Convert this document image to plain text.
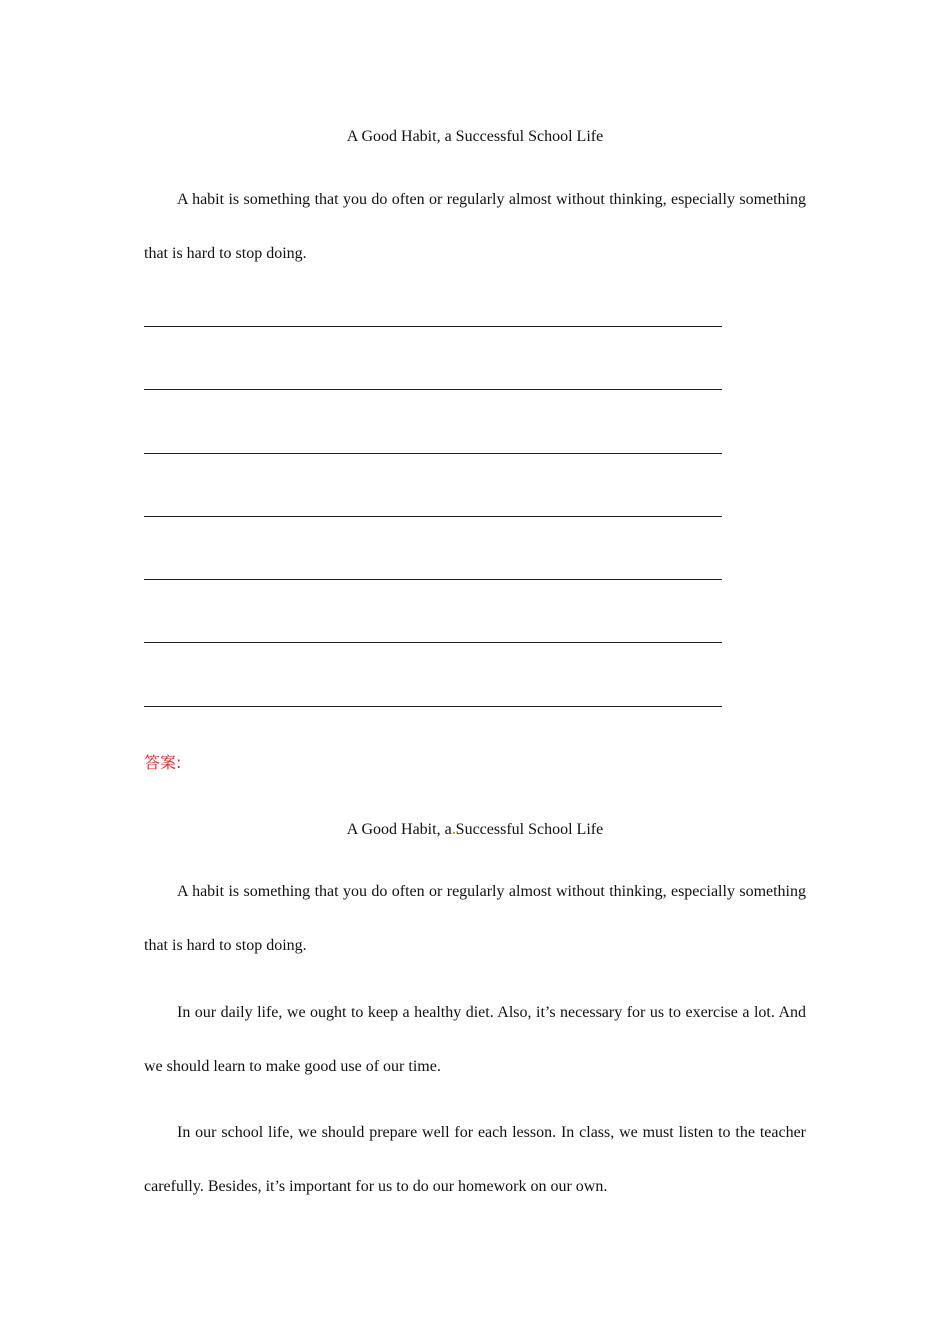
A Good Habit, a Successful School Life
A habit is something that you do often or regularly almost without thinking, especially something that is hard to stop doing.
答案:
A Good Habit, a Successful School Life
A habit is something that you do often or regularly almost without thinking, especially something that is hard to stop doing.
In our daily life, we ought to keep a healthy diet. Also, it’s necessary for us to exercise a lot. And we should learn to make good use of our time.
In our school life, we should prepare well for each lesson. In class, we must listen to the teacher carefully. Besides, it’s important for us to do our homework on our own.
